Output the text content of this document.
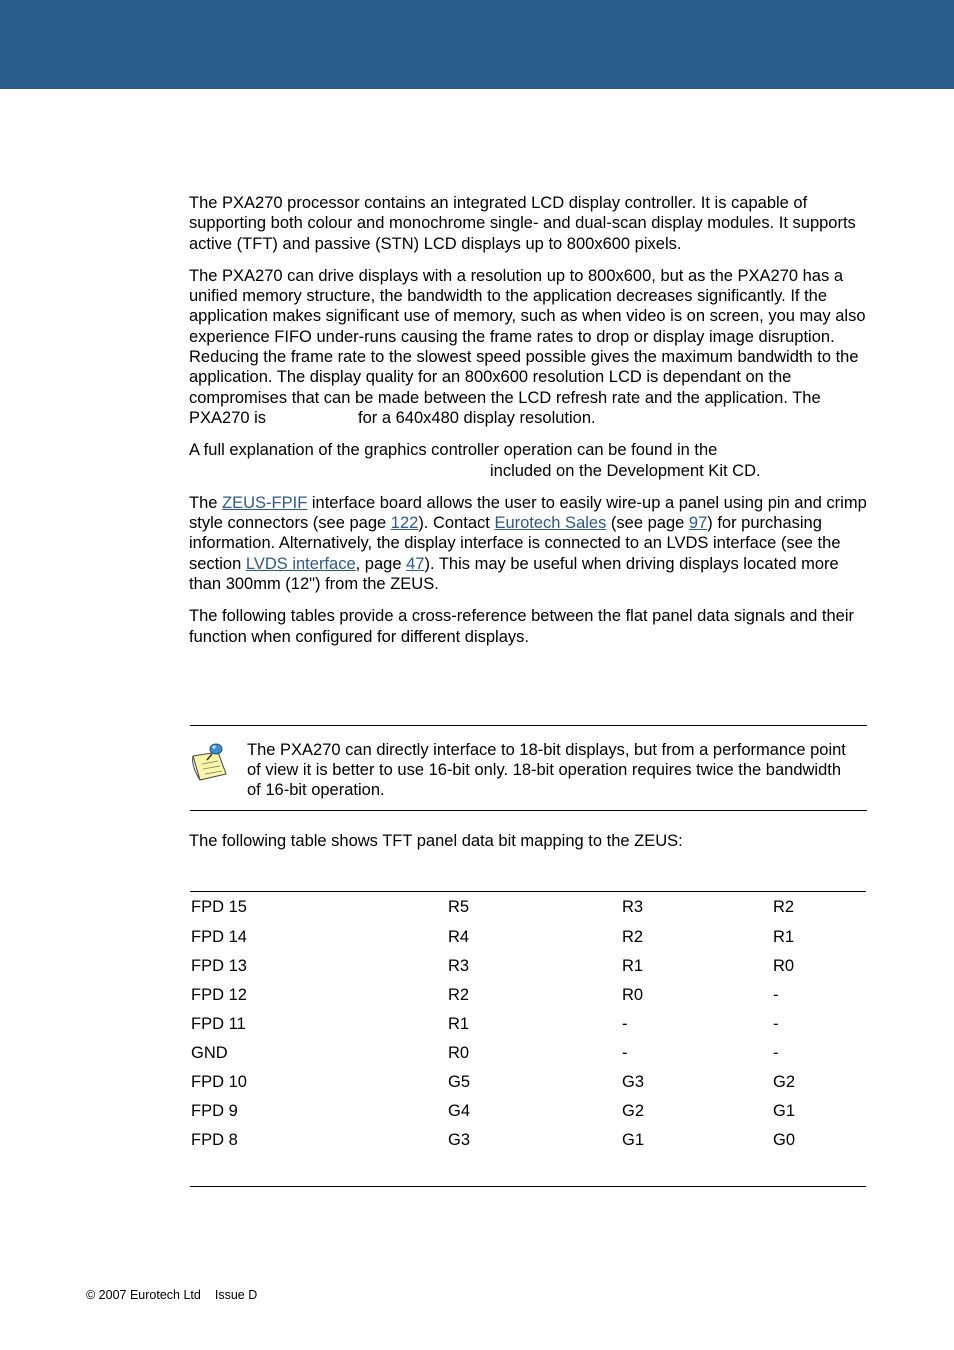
The PXA270 processor contains an integrated LCD display controller. It is capable of supporting both colour and monochrome single- and dual-scan display modules. It supports active (TFT) and passive (STN) LCD displays up to 800x600 pixels.

The PXA270 can drive displays with a resolution up to 800x600, but as the PXA270 has a unified memory structure, the bandwidth to the application decreases significantly. If the application makes significant use of memory, such as when video is on screen, you may also experience FIFO under-runs causing the frame rates to drop or display image disruption. Reducing the frame rate to the slowest speed possible gives the maximum bandwidth to the application. The display quality for an 800x600 resolution LCD is dependant on the compromises that can be made between the LCD refresh rate and the application. The PXA270 is	for a 640x480 display resolution.

A full explanation of the graphics controller operation can be found in the
included on the Development Kit CD.

The ZEUS-FPIF interface board allows the user to easily wire-up a panel using pin and crimp style connectors (see page 122). Contact Eurotech Sales (see page 97) for purchasing information. Alternatively, the display interface is connected to an LVDS interface (see the section LVDS interface, page 47). This may be useful when driving displays located more than 300mm (12") from the ZEUS.

The following tables provide a cross-reference between the flat panel data signals and their function when configured for different displays.

The PXA270 can directly interface to 18-bit displays, but from a performance point of view it is better to use 16-bit only. 18-bit operation requires twice the bandwidth of 16-bit operation.
The following table shows TFT panel data bit mapping to the ZEUS:
FPD 15	R5	R3	R2
FPD 14	R4	R2	R1
FPD 13	R3	R1	R0
FPD 12	R2	R0	-
FPD 11	R1	-	-
GND	R0	-	-
FPD 10	G5	G3	G2
FPD 9	G4	G2	G1
FPD 8	G3	G1	G0
© 2007 Eurotech Ltd Issue D
